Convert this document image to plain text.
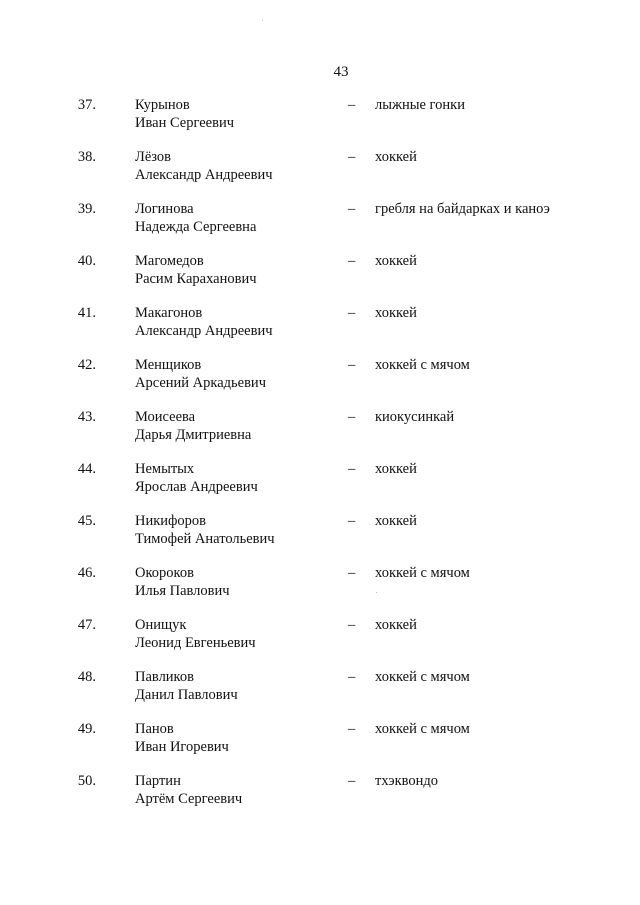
43
37.	Курынов
Иван Сергеевич
– лыжные гонки
38.	Лёзов
Александр Андреевич
– хоккей
39.	Логинова
Надежда Сергеевна
– гребля на байдарках и каноэ
40.	Магомедов
Расим Караханович
– хоккей
41.	Макагонов
Александр Андреевич
– хоккей
42.	Менщиков
Арсений Аркадьевич
– хоккей с мячом
43.	Моисеева
Дарья Дмитриевна
– киокусинкай
44.	Немытых
Ярослав Андреевич
– хоккей
45.	Никифоров
Тимофей Анатольевич
– хоккей
46.	Окороков
Илья Павлович
– хоккей с мячом
47.	Онищук
Леонид Евгеньевич
– хоккей
48.	Павликов
Данил Павлович
– хоккей с мячом
49.	Панов
Иван Игоревич
– хоккей с мячом
50.	Партин
Артём Сергеевич
– тхэквондо
